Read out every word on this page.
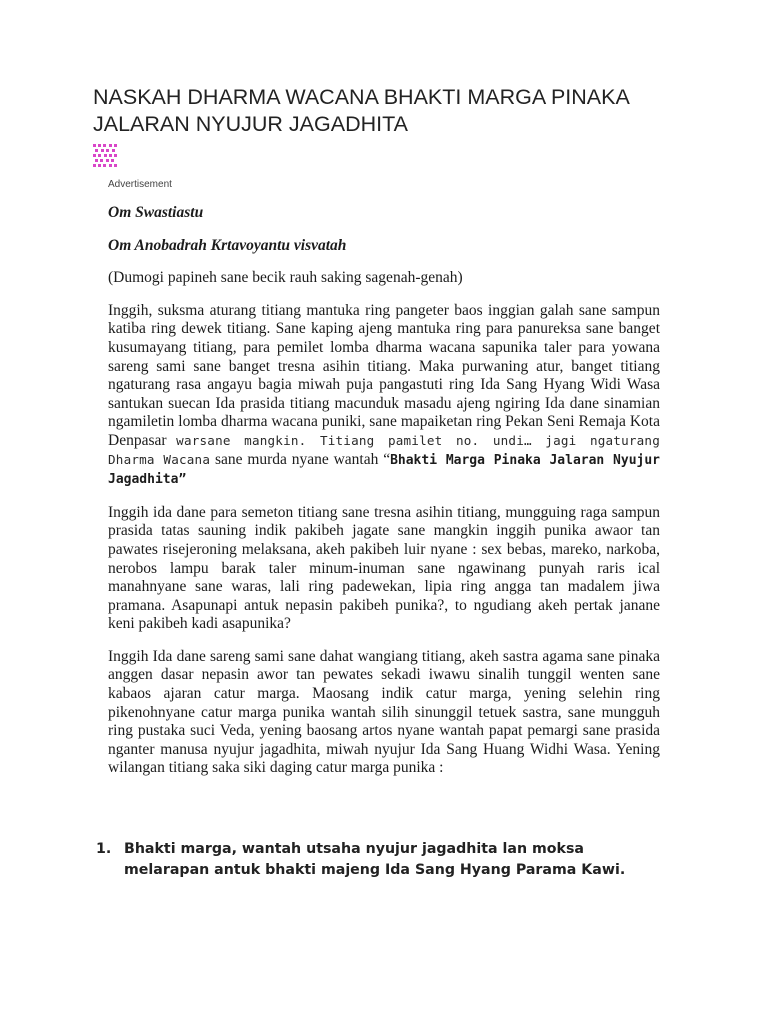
NASKAH DHARMA WACANA BHAKTI MARGA PINAKA JALARAN NYUJUR JAGADHITA
Advertisement

Om Swastiastu

Om Anobadrah Krtavoyantu visvatah

(Dumogi papineh sane becik rauh saking sagenah-genah)

Inggih, suksma aturang titiang mantuka ring pangeter baos inggian galah sane sampun katiba ring dewek titiang. Sane kaping ajeng mantuka ring para panureksa sane banget kusumayang titiang, para pemilet lomba dharma wacana sapunika taler para yowana sareng sami sane banget tresna asihin titiang. Maka purwaning atur, banget titiang ngaturang rasa angayu bagia miwah puja pangastuti ring Ida Sang Hyang Widi Wasa santukan suecan Ida prasida titiang macunduk masadu ajeng ngiring Ida dane sinamian ngamiletin lomba dharma wacana puniki, sane mapaiketan ring Pekan Seni Remaja Kota Denpasar warsane mangkin. Titiang pamilet no. undi… jagi ngaturang Dharma Wacana sane murda nyane wantah “Bhakti Marga Pinaka Jalaran Nyujur Jagadhita”

Inggih ida dane para semeton titiang sane tresna asihin titiang, mungguing raga sampun prasida tatas sauning indik pakibeh jagate sane mangkin inggih punika awaor tan pawates risejeroning melaksana, akeh pakibeh luir nyane : sex bebas, mareko, narkoba, nerobos lampu barak taler minum-inuman sane ngawinang punyah raris ical manahnyane sane waras, lali ring padewekan, lipia ring angga tan madalem jiwa pramana. Asapunapi antuk nepasin pakibeh punika?, to ngudiang akeh pertak janane keni pakibeh kadi asapunika?

Inggih Ida dane sareng sami sane dahat wangiang titiang, akeh sastra agama sane pinaka anggen dasar nepasin awor tan pewates sekadi iwawu sinalih tunggil wenten sane kabaos ajaran catur marga. Maosang indik catur marga, yening selehin ring pikenohnyane catur marga punika wantah silih sinunggil tetuek sastra, sane mungguh ring pustaka suci Veda, yening baosang artos nyane wantah papat pemargi sane prasida nganter manusa nyujur jagadhita, miwah nyujur Ida Sang Huang Widhi Wasa. Yening wilangan titiang saka siki daging catur marga punika :

1. Bhakti marga, wantah utsaha nyujur jagadhita lan moksa melarapan antuk bhakti majeng Ida Sang Hyang Parama Kawi.
